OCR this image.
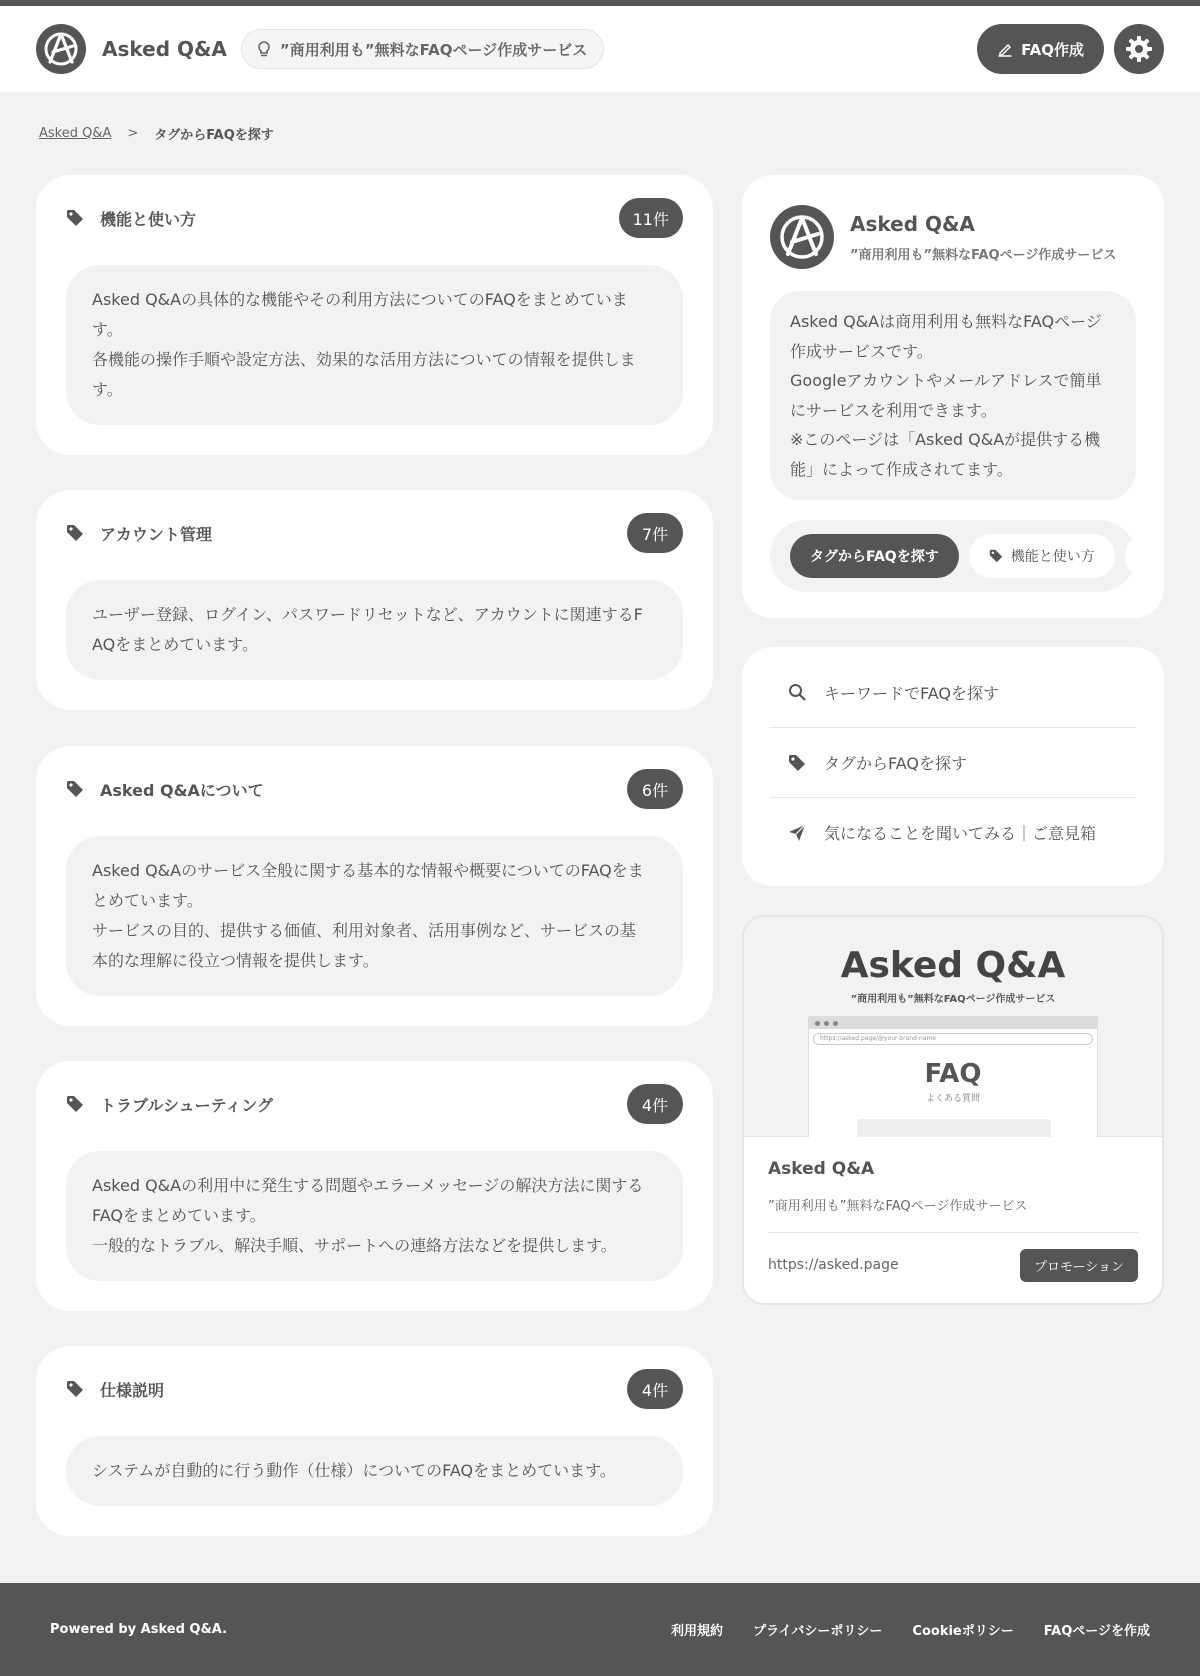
Asked Q&A	”商用利用も”無料なFAQページ作成サービス	FAQ作成
Asked Q&A > タグからFAQを探す
機能と使い方	11件
Asked Q&Aの具体的な機能やその利用方法についてのFAQをまとめていま
す。
各機能の操作手順や設定方法、効果的な活用方法についての情報を提供しま
す。
アカウント管理	7件
ユーザー登録、ログイン、パスワードリセットなど、アカウントに関連するF
AQをまとめています。
Asked Q&Aについて	6件
Asked Q&Aのサービス全般に関する基本的な情報や概要についてのFAQをま
とめています。
サービスの目的、提供する価値、利用対象者、活用事例など、サービスの基
本的な理解に役立つ情報を提供します。
トラブルシューティング	4件
Asked Q&Aの利用中に発生する問題やエラーメッセージの解決方法に関する
FAQをまとめています。
一般的なトラブル、解決手順、サポートへの連絡方法などを提供します。
仕様説明	4件
システムが自動的に行う動作（仕様）についてのFAQをまとめています。
Asked Q&A
”商用利用も”無料なFAQページ作成サービス
Asked Q&Aは商用利用も無料なFAQページ
作成サービスです。
Googleアカウントやメールアドレスで簡単
にサービスを利用できます。
※このページは「Asked Q&Aが提供する機
能」によって作成されてます。
タグからFAQを探す	機能と使い方
キーワードでFAQを探す
タグからFAQを探す
気になることを聞いてみる｜ご意見箱
Asked Q&A
”商用利用も”無料なFAQページ作成サービス
https://asked.page/@your-brand-name
FAQ
よくある質問
Asked Q&A
”商用利用も”無料なFAQページ作成サービス
https://asked.page	プロモーション
Powered by Asked Q&A.	利用規約 プライバシーポリシー Cookieポリシー FAQページを作成
